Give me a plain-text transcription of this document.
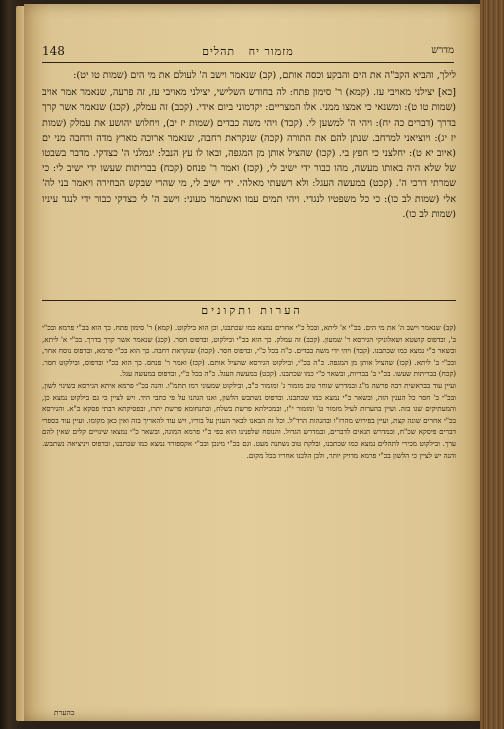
מדרש
מזמור יח   תהלים
148

לילך, והביא הקב"ה את הים והבקע וכסה אותם, (קב) שנאמר וישב ה' לעולם את מי הים (שמות טו יט):

[כא] יצילני מאויבי עז. (קמא) ר' סימון פתח: לה בחודש השלישי, יצילני מאויבי עז, זה פרעה, שנאמר אמר אויב (שמות טו ט): ומשנאי כי אמצו ממני. אלו המצריים: יקדמוני ביום אידי. (קכב) זה עמלק, (קכג) שנאמר אשר קרך בדרך (דברים כה יח): ויהי ה' למשען לי. (קכד) ויהי משה כבדים (שמות יז יב), ויחלוש יהושע את עמלק (שמות יז יג): ויוציאני למרחב. שנתן להם את התורה (קכה) שנקראת רחבה, שנאמר ארוכה מארץ מדה ורחבה מני ים (איוב יא ט): יחלצני כי חפץ בי. (קכו) שהציל אותן מן המגפה, ובאו לו עץ הנבל: יגמלני ה' כצדקי. מדבר בשבטו של שלא היה באותו מעשה, מהו כבור ידי ישיב לי, (קכז) ואמר ר' פנחס (קכח) בבריתות שעשו ידי ישיב לי: כי שמרתי דרכי ה'. (קכט) במעשה העגל: ולא רשעתי מאלהי. ידי ישיב לי, מי שהרי שבקש הבחירה ויאמר בני לה' אלי (שמות לב כו): כי כל משפטיו לנגדי. ויהי תמים עמו ואשתמר מעוני: וישב ה' לי כצדקי כבור ידי לנגד עיניו (שמות לב כו).

הערות ותקונים

(קב) שנאמר וישב ה' את מי הים. בכ"י א' ליתא, ובכל כ"י אחרים נמצא כמו שכתבנו, וכן הוא בילקוט. (קמא) ר' סימון פתח. כך הוא בכ"י פרמא ובכ"י ב', ובדפוס קושטא ושאלוניקי הגירסא ר' שמעון. (קכב) זה עמלק. כך הוא בכ"י ובילקוט, ובדפוס חסר. (קכג) שנאמר אשר קרך בדרך. בכ"י א' ליתא, ובשאר כ"י נמצא כמו שכתבנו. (קכד) ויהי ידי משה כבדים. כ"ה בכל כ"י, ובדפוס חסר. (קכה) שנקראת רחבה. כך הוא בכ"י פרמא, ובדפוס נוסח אחר, ובכ"י ב' ליתא. (קכו) שהציל אותן מן המגפה. כ"ה בכ"י, ובילקוט הגירסא שהציל אותם. (קכז) ואמר ר' פנחס. כך הוא בכ"י ובדפוס, ובילקוט חסר. (קכח) בבריתות שעשו. בכ"י ב' בבריות, ובשאר כ"י כמו שכתבנו. (קכט) במעשה העגל. כ"ה בכל כ"י, ובדפוס במעשה עגל.

ועיין עוד בבראשית רבה פרשה מ"ג ובמדרש שוחר טוב מזמור ג' ומזמור כ"ב, ובילקוט שמעוני רמז תתמ"ו. והנה בכ"י פרמא איתא הגירסא בשינוי לשון, ובכ"י ב' חסר כל הענין הזה, ובשאר כ"י נמצא כמו שכתבנו. ובדפוס נשתבש הלשון, ואנו הגהנו על פי כתבי היד. ויש לציין כי גם בילקוט נמצא כן, והמעתיקים שגו בזה. ועיין בהערות לעיל מזמור ט' ומזמור י"ז, ובמכילתא פרשת בשלח, ובתנחומא פרשת יתרו, ובפסיקתא רבתי פסקא כ"א. והגירסא בכ"י אחרים שונה קצת, ועיין בפירוש מהרז"ו ובהגהות הרד"ל. וכל זה הבאנו לבאר הענין על בוריו, ויש עוד להאריך בזה ואין כאן מקומו. ועיין עוד בספרי דברים פיסקא שכ"ח, ובמדרש תנאים לדברים, ובמדרש הגדול. והנוסח שלפנינו הוא כפי כ"י פרמא המוגה, ובשאר כ"י נמצאו שינויים קלים שאין להם ערך. ובילקוט מכירי לתהלים נמצא כמו שכתבנו, ובלקח טוב נשתנה מעט. וגם בכ"י מינכן ובכ"י אקספורד נמצא כמו שכתבנו, ובדפוס ויניציאה נשתבש. והנה יש לציין כי הלשון בכ"י פרמא מדויק יותר, ולכן הלכנו אחריו בכל מקום.

כהערת
